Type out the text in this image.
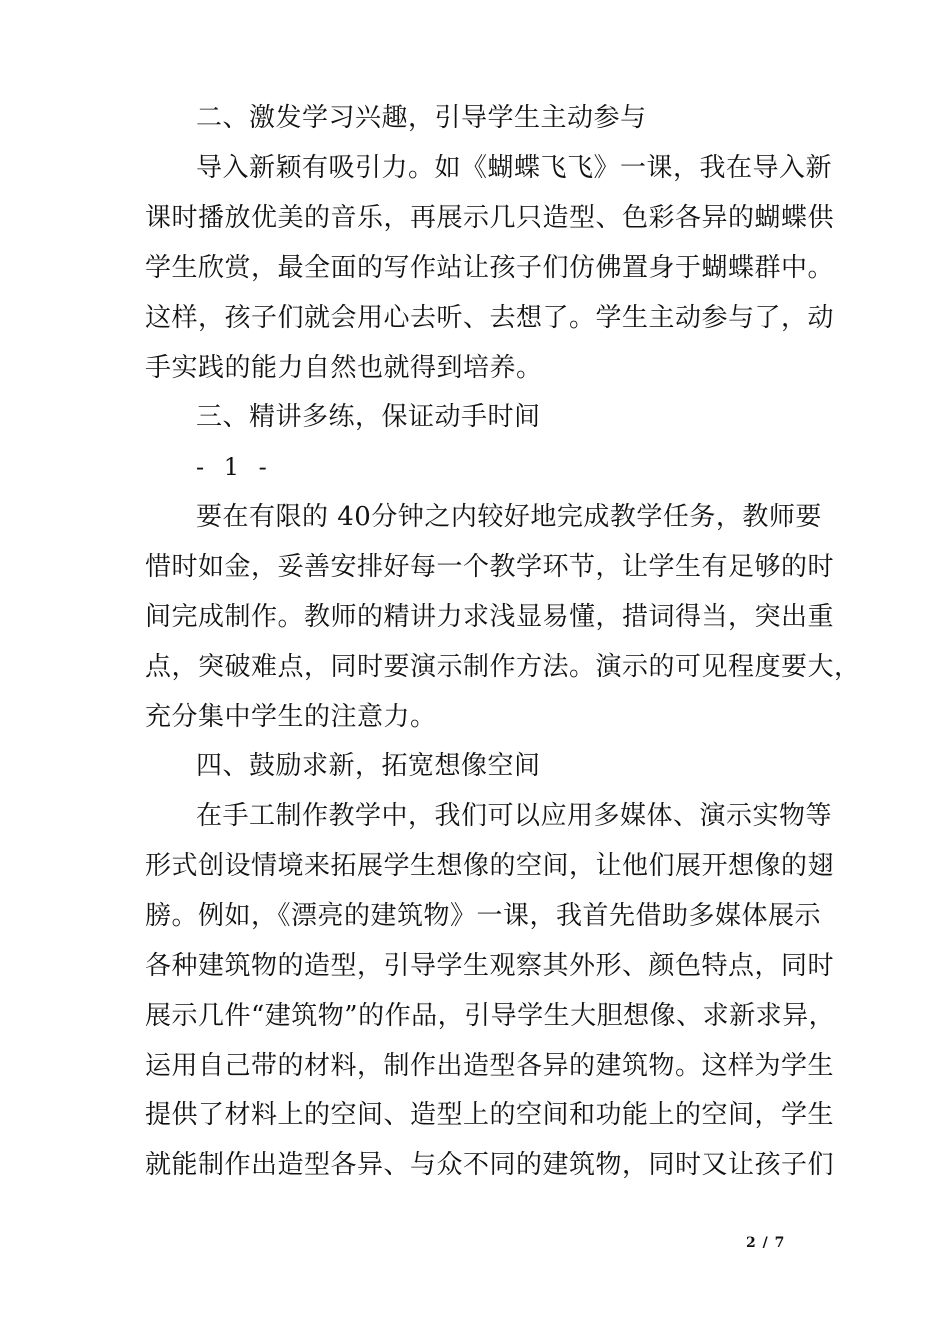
二、激发学习兴趣，引导学生主动参与
导入新颖有吸引力。如《蝴蝶飞飞》一课，我在导入新
课时播放优美的音乐，再展示几只造型、色彩各异的蝴蝶供
学生欣赏，最全面的写作站让孩子们仿佛置身于蝴蝶群中。
这样，孩子们就会用心去听、去想了。学生主动参与了，动
手实践的能力自然也就得到培养。
三、精讲多练，保证动手时间
- 1 -
要在有限的 40分钟之内较好地完成教学任务，教师要
惜时如金，妥善安排好每一个教学环节，让学生有足够的时
间完成制作。教师的精讲力求浅显易懂，措词得当，突出重
点，突破难点，同时要演示制作方法。演示的可见程度要大，
充分集中学生的注意力。
四、鼓励求新，拓宽想像空间
在手工制作教学中，我们可以应用多媒体、演示实物等
形式创设情境来拓展学生想像的空间，让他们展开想像的翅
膀。例如，《漂亮的建筑物》一课，我首先借助多媒体展示
各种建筑物的造型，引导学生观察其外形、颜色特点，同时
展示几件“建筑物”的作品，引导学生大胆想像、求新求异，
运用自己带的材料，制作出造型各异的建筑物。这样为学生
提供了材料上的空间、造型上的空间和功能上的空间，学生
就能制作出造型各异、与众不同的建筑物，同时又让孩子们
2 / 7
